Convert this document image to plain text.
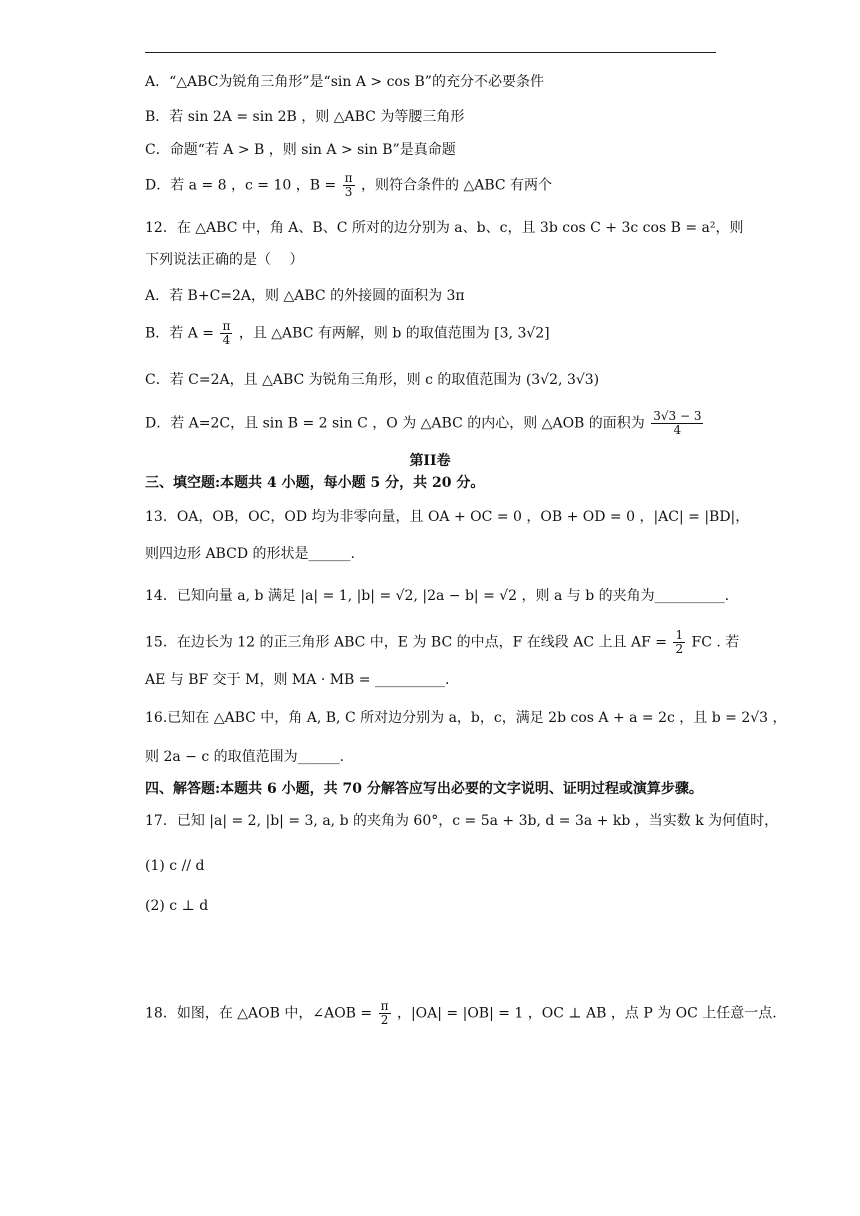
A．“△ABC为锐角三角形”是“sin A > cos B”的充分不必要条件
B．若 sin 2A = sin 2B ，则 △ABC 为等腰三角形
C．命题“若 A > B ，则 sin A > sin B”是真命题
D．若 a = 8 ，c = 10 ，$B = \frac{\pi}{3}$ ，则符合条件的 △ABC 有两个
12．在 △ABC 中，角 A、B、C 所对的边分别为 a、b、c，且 3b cos C + 3c cos B = a²，则
下列说法正确的是（　 ）
A．若 B+C=2A，则 △ABC 的外接圆的面积为 3π
B．若 $A = \frac{\pi}{4}$ ，且 △ABC 有两解，则 b 的取值范围为 [3, 3√2]
C．若 C=2A，且 △ABC 为锐角三角形，则 c 的取值范围为 (3√2, 3√3)
D．若 A=2C，且 sin B = 2 sin C ，O 为 △ABC 的内心，则 △AOB 的面积为 $\frac{3√3 - 3}{4}$
第II卷
三、填空题:本题共 4 小题，每小题 5 分，共 20 分。
13．OA，OB，OC，OD 均为非零向量，且 OA + OC = 0 ，OB + OD = 0 ，|AC| = |BD|，
则四边形 ABCD 的形状是______.
14．已知向量 a, b 满足 |a| = 1, |b| = √2, |2a − b| = √2 ，则 a 与 b 的夹角为__________.
15．在边长为 12 的正三角形 ABC 中，E 为 BC 的中点，F 在线段 AC 上且 AF = $\frac{1}{2}$ FC . 若
AE 与 BF 交于 M，则 MA · MB = __________.
16.已知在 △ABC 中，角 A, B, C 所对边分别为 a，b，c，满足 2b cos A + a = 2c ，且 b = 2√3 ，
则 2a − c 的取值范围为______.
四、解答题:本题共 6 小题，共 70 分解答应写出必要的文字说明、证明过程或演算步骤。
17．已知 |a| = 2, |b| = 3, a, b 的夹角为 60°，c = 5a + 3b, d = 3a + kb ，当实数 k 为何值时，
(1) c // d
(2) c ⊥ d
18．如图，在 △AOB 中，∠AOB = $\frac{\pi}{2}$ ，|OA| = |OB| = 1 ，OC ⊥ AB ，点 P 为 OC 上任意一点.
